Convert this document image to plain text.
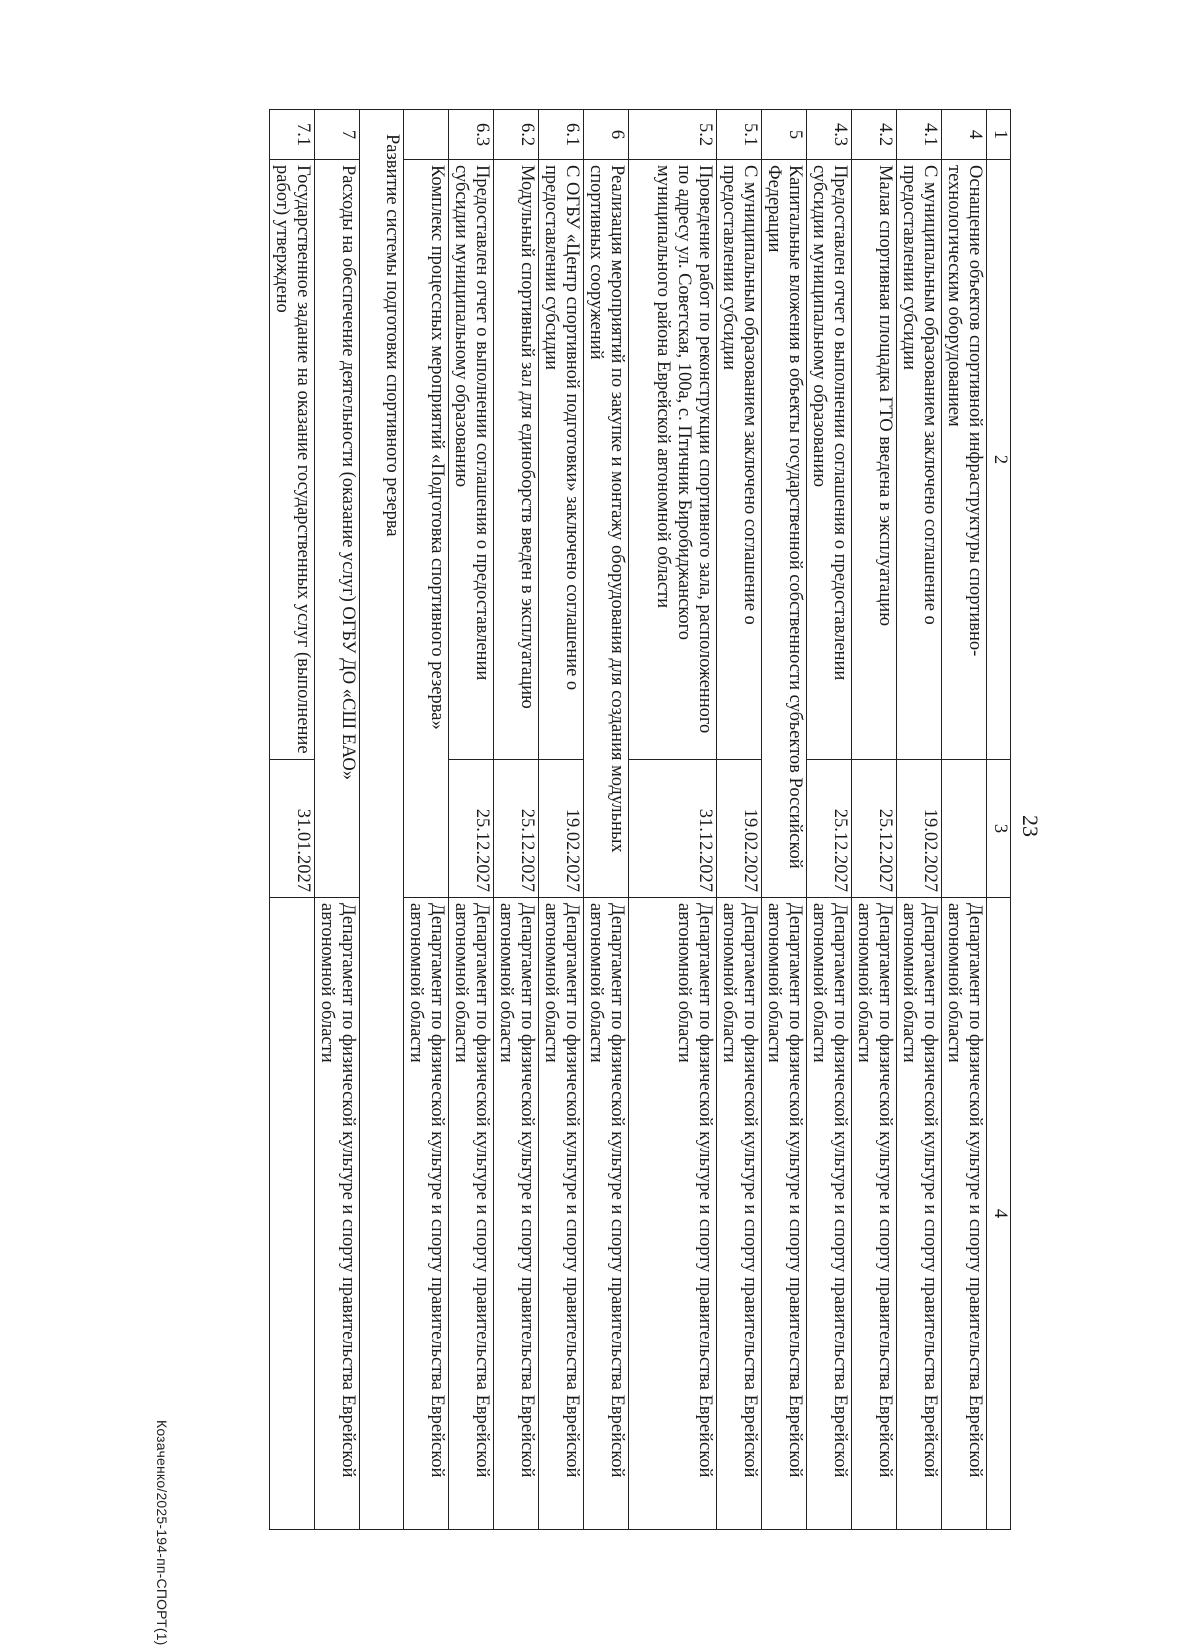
23
1	2	3	4
4	Оснащение объектов спортивной инфраструктуры спортивно-технологическим оборудованием		Департамент по физической культуре и спорту правительства Еврейской автономной области
4.1	С муниципальным образованием заключено соглашение о предоставлении субсидии	19.02.2027	Департамент по физической культуре и спорту правительства Еврейской автономной области
4.2	Малая спортивная площадка ГТО введена в эксплуатацию	25.12.2027	Департамент по физической культуре и спорту правительства Еврейской автономной области
4.3	Предоставлен отчет о выполнении соглашения о предоставлении субсидии муниципальному образованию	25.12.2027	Департамент по физической культуре и спорту правительства Еврейской автономной области
5	Капитальные вложения в объекты государственной собственности субъектов Российской Федерации		Департамент по физической культуре и спорту правительства Еврейской автономной области
5.1	С муниципальным образованием заключено соглашение о предоставлении субсидии	19.02.2027	Департамент по физической культуре и спорту правительства Еврейской автономной области
5.2	Проведение работ по реконструкции спортивного зала, расположенного по адресу ул. Советская, 100а, с. Птичник Биробиджанского муниципального района Еврейской автономной области	31.12.2027	Департамент по физической культуре и спорту правительства Еврейской автономной области
6	Реализация мероприятий по закупке и монтажу оборудования для создания модульных спортивных сооружений		Департамент по физической культуре и спорту правительства Еврейской автономной области
6.1	С ОГБУ «Центр спортивной подготовки» заключено соглашение о предоставлении субсидии	19.02.2027	Департамент по физической культуре и спорту правительства Еврейской автономной области
6.2	Модульный спортивный зал для единоборств введен в эксплуатацию	25.12.2027	Департамент по физической культуре и спорту правительства Еврейской автономной области
6.3	Предоставлен отчет о выполнении соглашения о предоставлении субсидии муниципальному образованию	25.12.2027	Департамент по физической культуре и спорту правительства Еврейской автономной области
	Комплекс процессных мероприятий «Подготовка спортивного резерва»		Департамент по физической культуре и спорту правительства Еврейской автономной области
Развитие системы подготовки спортивного резерва			
7	Расходы на обеспечение деятельности (оказание услуг) ОГБУ ДО «СШ ЕАО»		Департамент по физической культуре и спорту правительства Еврейской автономной области
7.1	Государственное задание на оказание государственных услуг (выполнение работ) утверждено	31.01.2027	
Козаченко/2025-194-пп-СПОРТ(1)
